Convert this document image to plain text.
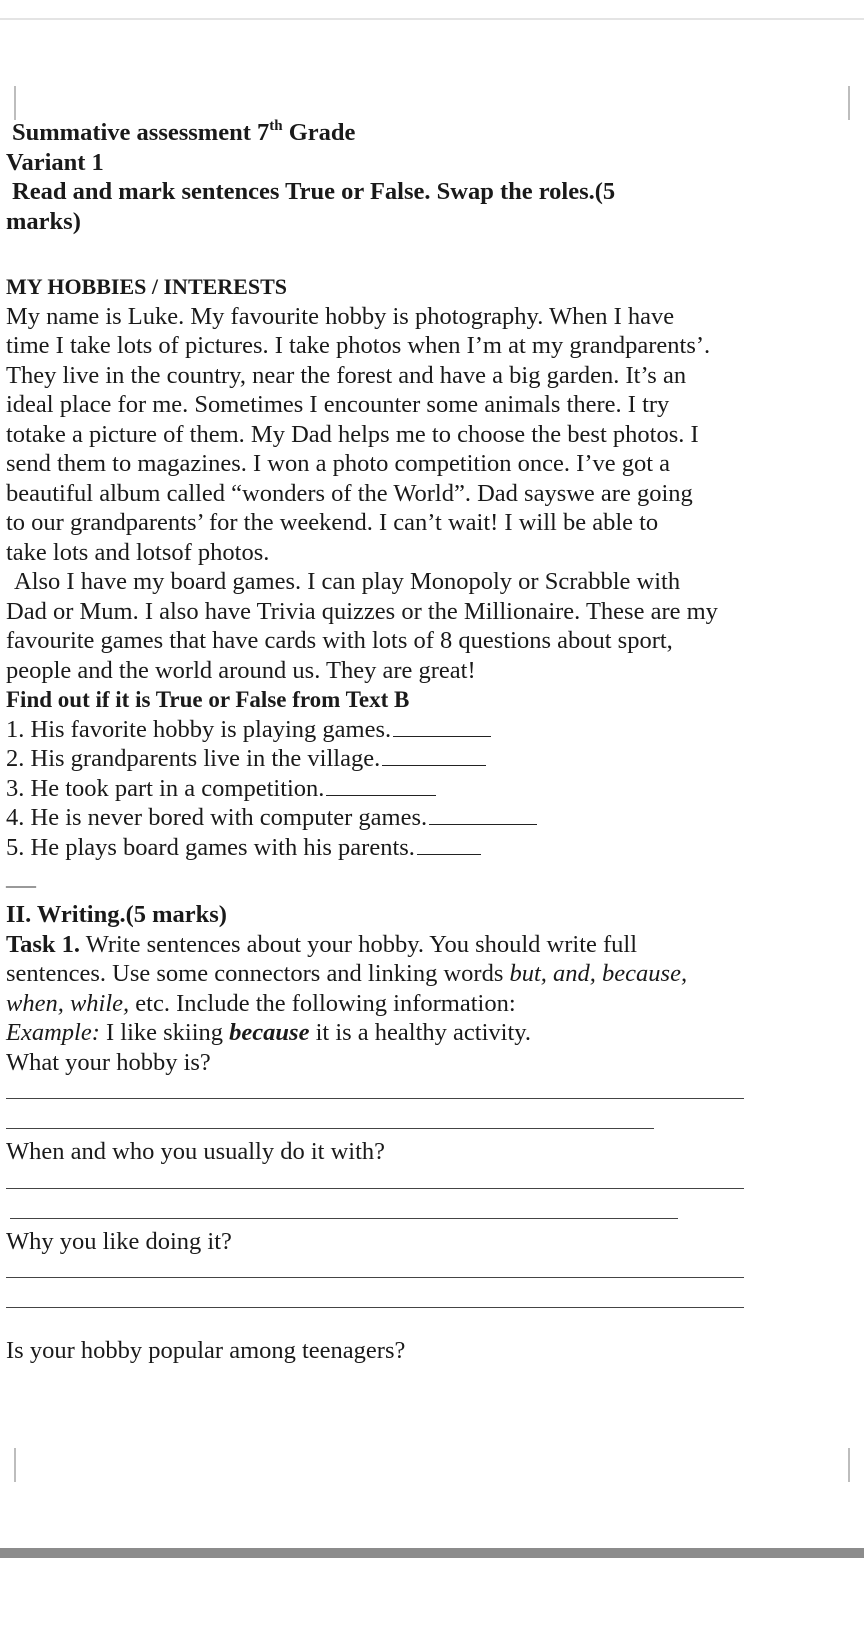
Summative assessment 7th Grade
Variant 1
Read and mark sentences True or False. Swap the roles.(5
marks)
MY HOBBIES / INTERESTS
My name is Luke. My favourite hobby is photography. When I have
time I take lots of pictures. I take photos when I’m at my grandparents’.
They live in the country, near the forest and have a big garden. It’s an
ideal place for me. Sometimes I encounter some animals there. I try
totake a picture of them. My Dad helps me to choose the best photos. I
send them to magazines. I won a photo competition once. I’ve got a
beautiful album called “wonders of the World”. Dad sayswe are going
to our grandparents’ for the weekend. I can’t wait! I will be able to
take lots and lotsof photos.
Also I have my board games. I can play Monopoly or Scrabble with
Dad or Mum. I also have Trivia quizzes or the Millionaire. These are my
favourite games that have cards with lots of 8 questions about sport,
people and the world around us. They are great!
Find out if it is True or False from Text B
1. His favorite hobby is playing games.
2. His grandparents live in the village.
3. He took part in a competition.
4. He is never bored with computer games.
5. He plays board games with his parents.
___
II. Writing.(5 marks)
Task 1. Write sentences about your hobby. You should write full
sentences. Use some connectors and linking words but, and, because,
when, while, etc. Include the following information:
Example: I like skiing because it is a healthy activity.
What your hobby is?
When and who you usually do it with?
Why you like doing it?
Is your hobby popular among teenagers?
